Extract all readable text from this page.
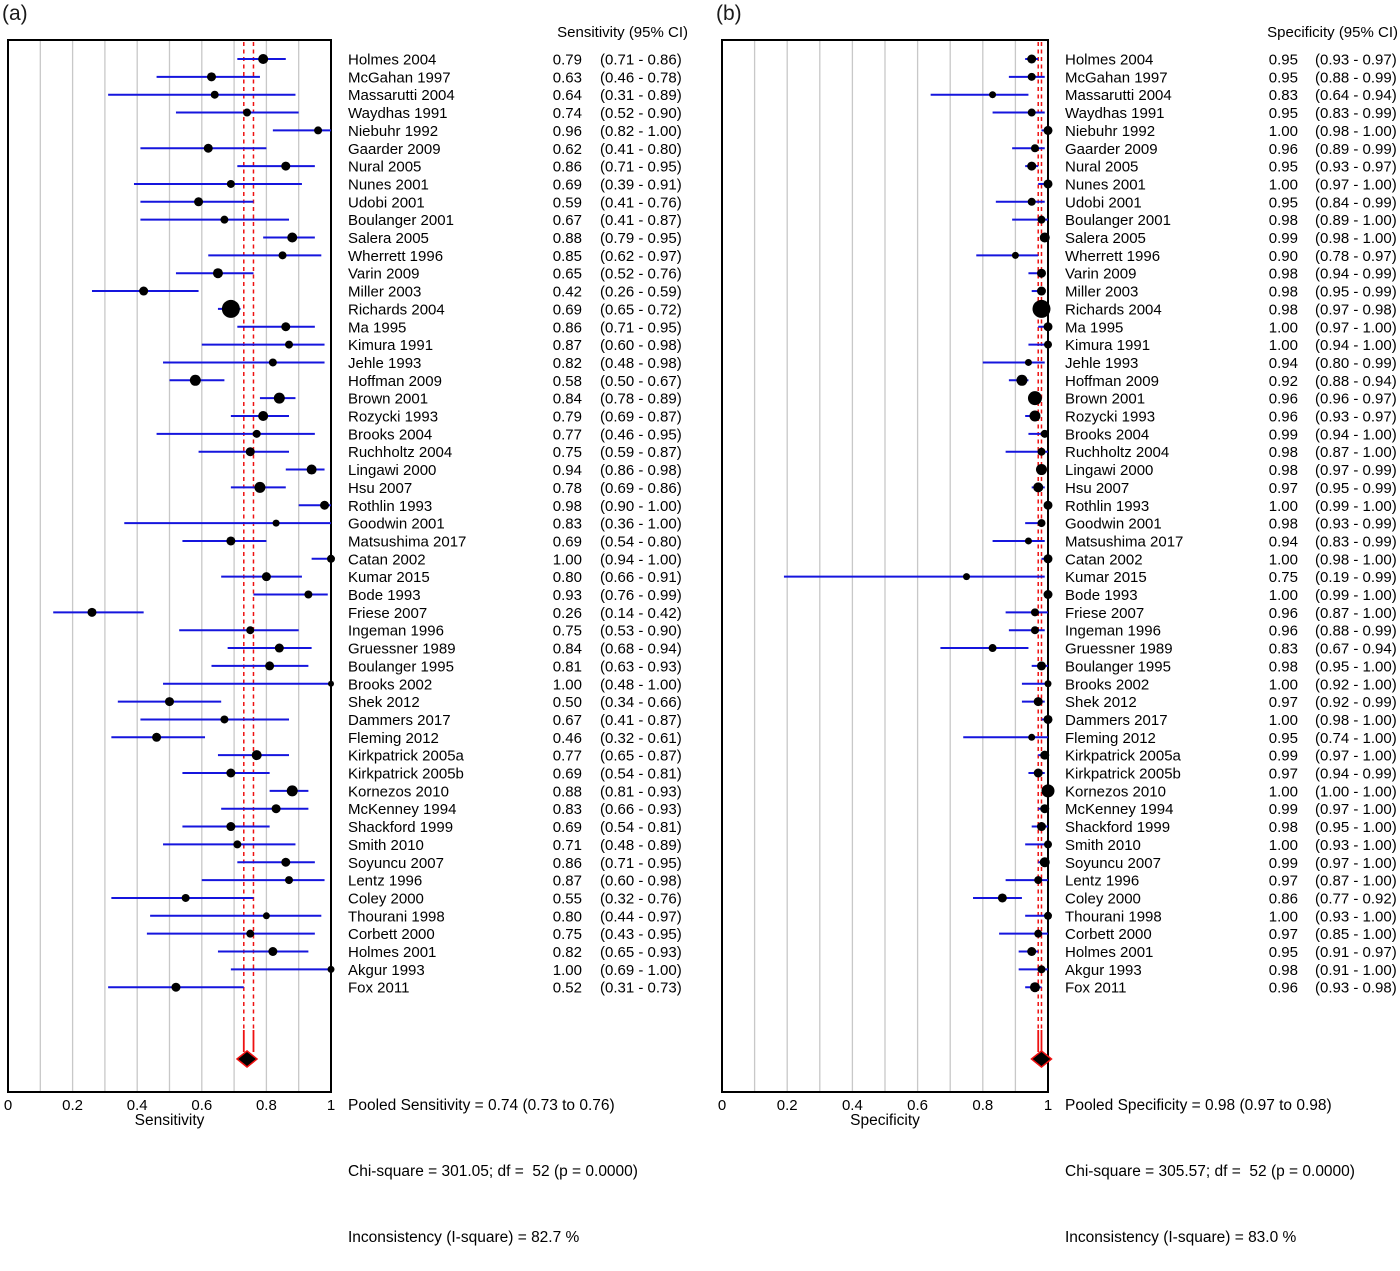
(a)	(b)
Sensitivity (95% CI)	Specificity (95% CI)
Holmes 2004	0.79 (0.71 - 0.86)
McGahan 1997	0.63 (0.46 - 0.78)
Massarutti 2004	0.64 (0.31 - 0.89)
Waydhas 1991	0.74 (0.52 - 0.90)
Niebuhr 1992	0.96 (0.82 - 1.00)
Gaarder 2009	0.62 (0.41 - 0.80)
Nural 2005	0.86 (0.71 - 0.95)
Nunes 2001	0.69 (0.39 - 0.91)
Udobi 2001	0.59 (0.41 - 0.76)
Boulanger 2001	0.67 (0.41 - 0.87)
Salera 2005	0.88 (0.79 - 0.95)
Wherrett 1996	0.85 (0.62 - 0.97)
Varin 2009	0.65 (0.52 - 0.76)
Miller 2003	0.42 (0.26 - 0.59)
Richards 2004	0.69 (0.65 - 0.72)
Ma 1995	0.86 (0.71 - 0.95)
Kimura 1991	0.87 (0.60 - 0.98)
Jehle 1993	0.82 (0.48 - 0.98)
Hoffman 2009	0.58 (0.50 - 0.67)
Brown 2001	0.84 (0.78 - 0.89)
Rozycki 1993	0.79 (0.69 - 0.87)
Brooks 2004	0.77 (0.46 - 0.95)
Ruchholtz 2004	0.75 (0.59 - 0.87)
Lingawi 2000	0.94 (0.86 - 0.98)
Hsu 2007	0.78 (0.69 - 0.86)
Rothlin 1993	0.98 (0.90 - 1.00)
Goodwin 2001	0.83 (0.36 - 1.00)
Matsushima 2017	0.69 (0.54 - 0.80)
Catan 2002	1.00 (0.94 - 1.00)
Kumar 2015	0.80 (0.66 - 0.91)
Bode 1993	0.93 (0.76 - 0.99)
Friese 2007	0.26 (0.14 - 0.42)
Ingeman 1996	0.75 (0.53 - 0.90)
Gruessner 1989	0.84 (0.68 - 0.94)
Boulanger 1995	0.81 (0.63 - 0.93)
Brooks 2002	1.00 (0.48 - 1.00)
Shek 2012	0.50 (0.34 - 0.66)
Dammers 2017	0.67 (0.41 - 0.87)
Fleming 2012	0.46 (0.32 - 0.61)
Kirkpatrick 2005a	0.77 (0.65 - 0.87)
Kirkpatrick 2005b	0.69 (0.54 - 0.81)
Kornezos 2010	0.88 (0.81 - 0.93)
McKenney 1994	0.83 (0.66 - 0.93)
Shackford 1999	0.69 (0.54 - 0.81)
Smith 2010	0.71 (0.48 - 0.89)
Soyuncu 2007	0.86 (0.71 - 0.95)
Lentz 1996	0.87 (0.60 - 0.98)
Coley 2000	0.55 (0.32 - 0.76)
Thourani 1998	0.80 (0.44 - 0.97)
Corbett 2000	0.75 (0.43 - 0.95)
Holmes 2001	0.82 (0.65 - 0.93)
Akgur 1993	1.00 (0.69 - 1.00)
Fox 2011	0.52 (0.31 - 0.73)
0	0.2	0.4	0.6	0.8	1
Holmes 2004	0.95 (0.93 - 0.97)
McGahan 1997	0.95 (0.88 - 0.99)
Massarutti 2004	0.83 (0.64 - 0.94)
Waydhas 1991	0.95 (0.83 - 0.99)
Niebuhr 1992	1.00 (0.98 - 1.00)
Gaarder 2009	0.96 (0.89 - 0.99)
Nural 2005	0.95 (0.93 - 0.97)
Nunes 2001	1.00 (0.97 - 1.00)
Udobi 2001	0.95 (0.84 - 0.99)
Boulanger 2001	0.98 (0.89 - 1.00)
Salera 2005	0.99 (0.98 - 1.00)
Wherrett 1996	0.90 (0.78 - 0.97)
Varin 2009	0.98 (0.94 - 0.99)
Miller 2003	0.98 (0.95 - 0.99)
Richards 2004	0.98 (0.97 - 0.98)
Ma 1995	1.00 (0.97 - 1.00)
Kimura 1991	1.00 (0.94 - 1.00)
Jehle 1993	0.94 (0.80 - 0.99)
Hoffman 2009	0.92 (0.88 - 0.94)
Brown 2001	0.96 (0.96 - 0.97)
Rozycki 1993	0.96 (0.93 - 0.97)
Brooks 2004	0.99 (0.94 - 1.00)
Ruchholtz 2004	0.98 (0.87 - 1.00)
Lingawi 2000	0.98 (0.97 - 0.99)
Hsu 2007	0.97 (0.95 - 0.99)
Rothlin 1993	1.00 (0.99 - 1.00)
Goodwin 2001	0.98 (0.93 - 0.99)
Matsushima 2017	0.94 (0.83 - 0.99)
Catan 2002	1.00 (0.98 - 1.00)
Kumar 2015	0.75 (0.19 - 0.99)
Bode 1993	1.00 (0.99 - 1.00)
Friese 2007	0.96 (0.87 - 1.00)
Ingeman 1996	0.96 (0.88 - 0.99)
Gruessner 1989	0.83 (0.67 - 0.94)
Boulanger 1995	0.98 (0.95 - 1.00)
Brooks 2002	1.00 (0.92 - 1.00)
Shek 2012	0.97 (0.92 - 0.99)
Dammers 2017	1.00 (0.98 - 1.00)
Fleming 2012	0.95 (0.74 - 1.00)
Kirkpatrick 2005a	0.99 (0.97 - 1.00)
Kirkpatrick 2005b	0.97 (0.94 - 0.99)
Kornezos 2010	1.00 (1.00 - 1.00)
McKenney 1994	0.99 (0.97 - 1.00)
Shackford 1999	0.98 (0.95 - 1.00)
Smith 2010	1.00 (0.93 - 1.00)
Soyuncu 2007	0.99 (0.97 - 1.00)
Lentz 1996	0.97 (0.87 - 1.00)
Coley 2000	0.86 (0.77 - 0.92)
Thourani 1998	1.00 (0.93 - 1.00)
Corbett 2000	0.97 (0.85 - 1.00)
Holmes 2001	0.95 (0.91 - 0.97)
Akgur 1993	0.98 (0.91 - 1.00)
Fox 2011	0.96 (0.93 - 0.98)
0	0.2	0.4	0.6	0.8	1
Sensitivity	Specificity

Pooled Sensitivity = 0.74 (0.73 to 0.76)

Chi-square = 301.05; df =  52 (p = 0.0000)

Inconsistency (I-square) = 82.7 %

Pooled Specificity = 0.98 (0.97 to 0.98)

Chi-square = 305.57; df =  52 (p = 0.0000)

Inconsistency (I-square) = 83.0 %
